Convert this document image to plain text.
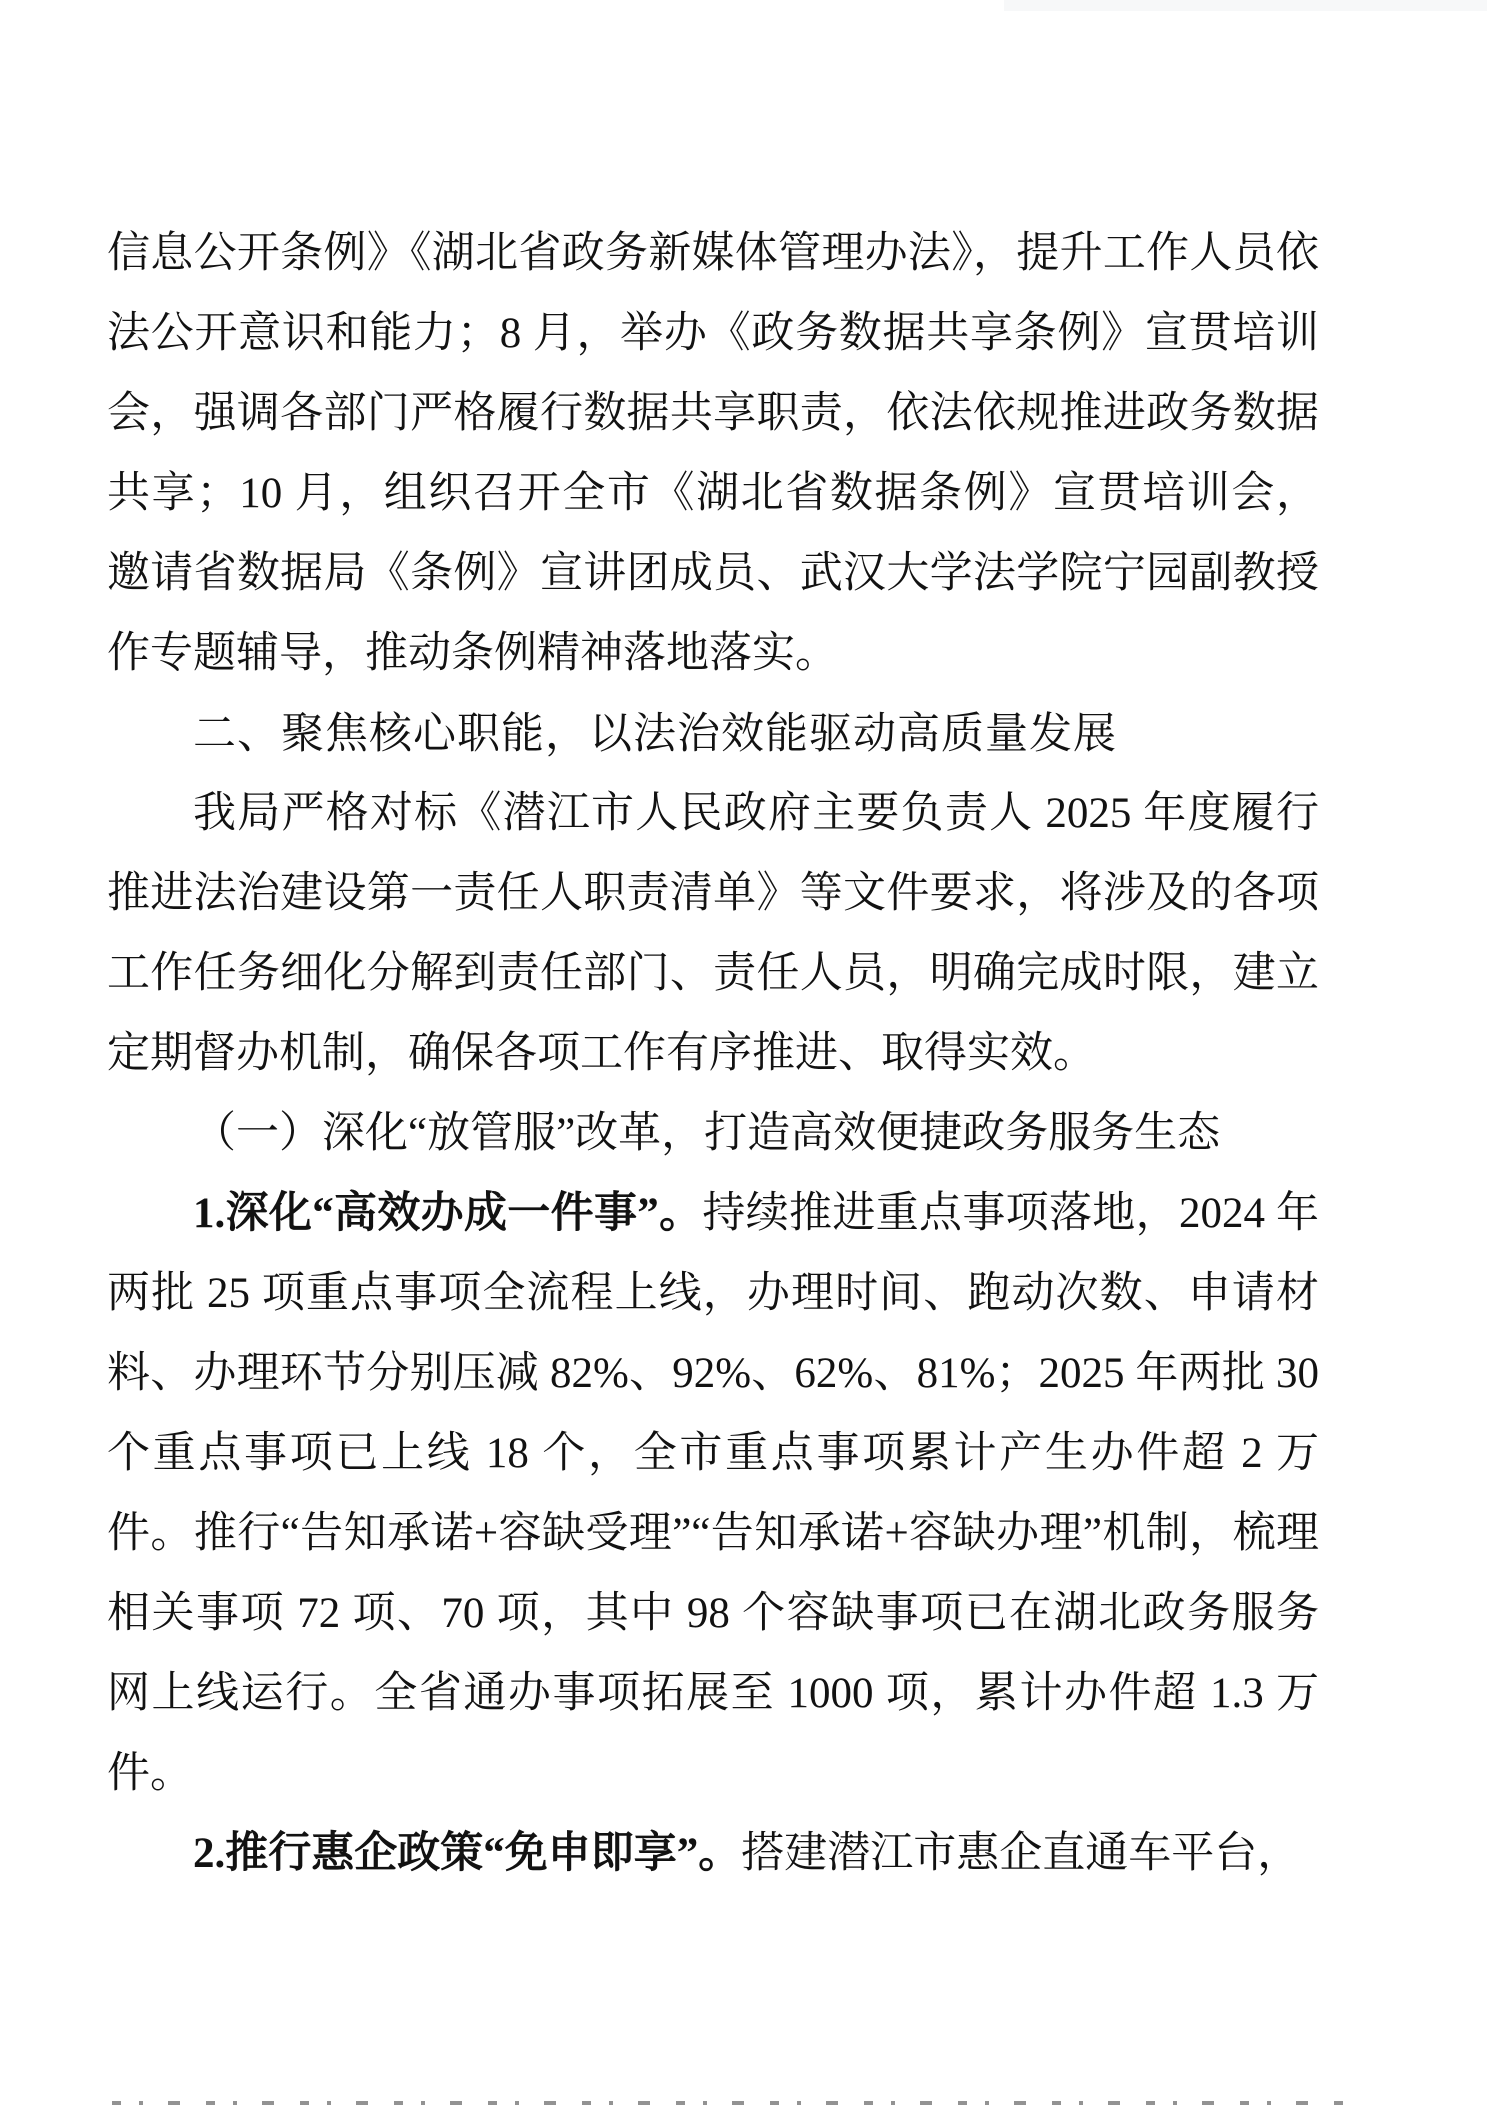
信息公开条例》《湖北省政务新媒体管理办法》，提升工作人员依法公开意识和能力；8 月，举办《政务数据共享条例》宣贯培训会，强调各部门严格履行数据共享职责，依法依规推进政务数据共享；10 月，组织召开全市《湖北省数据条例》宣贯培训会，邀请省数据局《条例》宣讲团成员、武汉大学法学院宁园副教授作专题辅导，推动条例精神落地落实。

二、聚焦核心职能，以法治效能驱动高质量发展

我局严格对标《潜江市人民政府主要负责人 2025 年度履行推进法治建设第一责任人职责清单》等文件要求，将涉及的各项工作任务细化分解到责任部门、责任人员，明确完成时限，建立定期督办机制，确保各项工作有序推进、取得实效。

（一）深化“放管服”改革，打造高效便捷政务服务生态

1.深化“高效办成一件事”。持续推进重点事项落地，2024 年两批 25 项重点事项全流程上线，办理时间、跑动次数、申请材料、办理环节分别压减 82%、92%、62%、81%；2025 年两批 30 个重点事项已上线 18 个，全市重点事项累计产生办件超 2 万件。推行“告知承诺+容缺受理”“告知承诺+容缺办理”机制，梳理相关事项 72 项、70 项，其中 98 个容缺事项已在湖北政务服务网上线运行。全省通办事项拓展至 1000 项，累计办件超 1.3 万件。

2.推行惠企政策“免申即享”。搭建潜江市惠企直通车平台，
